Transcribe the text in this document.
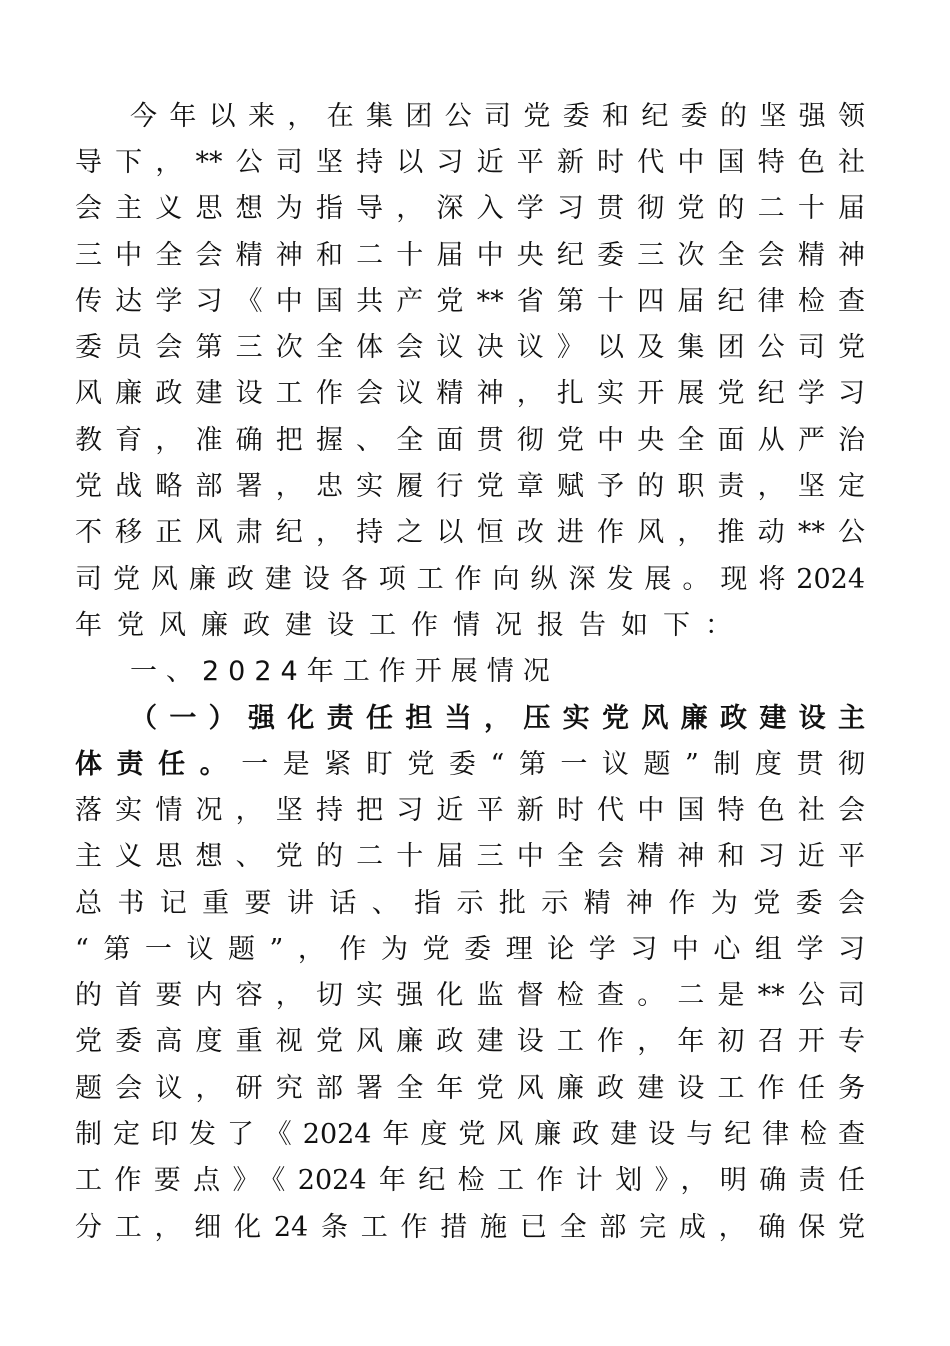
今年以来，在集团公司党委和纪委的坚强领
导下，**公司坚持以习近平新时代中国特色社
会主义思想为指导，深入学习贯彻党的二十届
三中全会精神和二十届中央纪委三次全会精神
传达学习《中国共产党**省第十四届纪律检查
委员会第三次全体会议决议》以及集团公司党
风廉政建设工作会议精神，扎实开展党纪学习
教育，准确把握、全面贯彻党中央全面从严治
党战略部署，忠实履行党章赋予的职责，坚定
不移正风肃纪，持之以恒改进作风，推动**公
司党风廉政建设各项工作向纵深发展。现将2024
年党风廉政建设工作情况报告如下：
一、2024年工作开展情况
（一）强化责任担当，压实党风廉政建设主
体责任。一是紧盯党委“第一议题”制度贯彻
落实情况，坚持把习近平新时代中国特色社会
主义思想、党的二十届三中全会精神和习近平
总书记重要讲话、指示批示精神作为党委会
“第一议题”，作为党委理论学习中心组学习
的首要内容，切实强化监督检查。二是**公司
党委高度重视党风廉政建设工作，年初召开专
题会议，研究部署全年党风廉政建设工作任务
制定印发了《2024年度党风廉政建设与纪律检查
工作要点》《2024年纪检工作计划》，明确责任
分工，细化24条工作措施已全部完成，确保党
